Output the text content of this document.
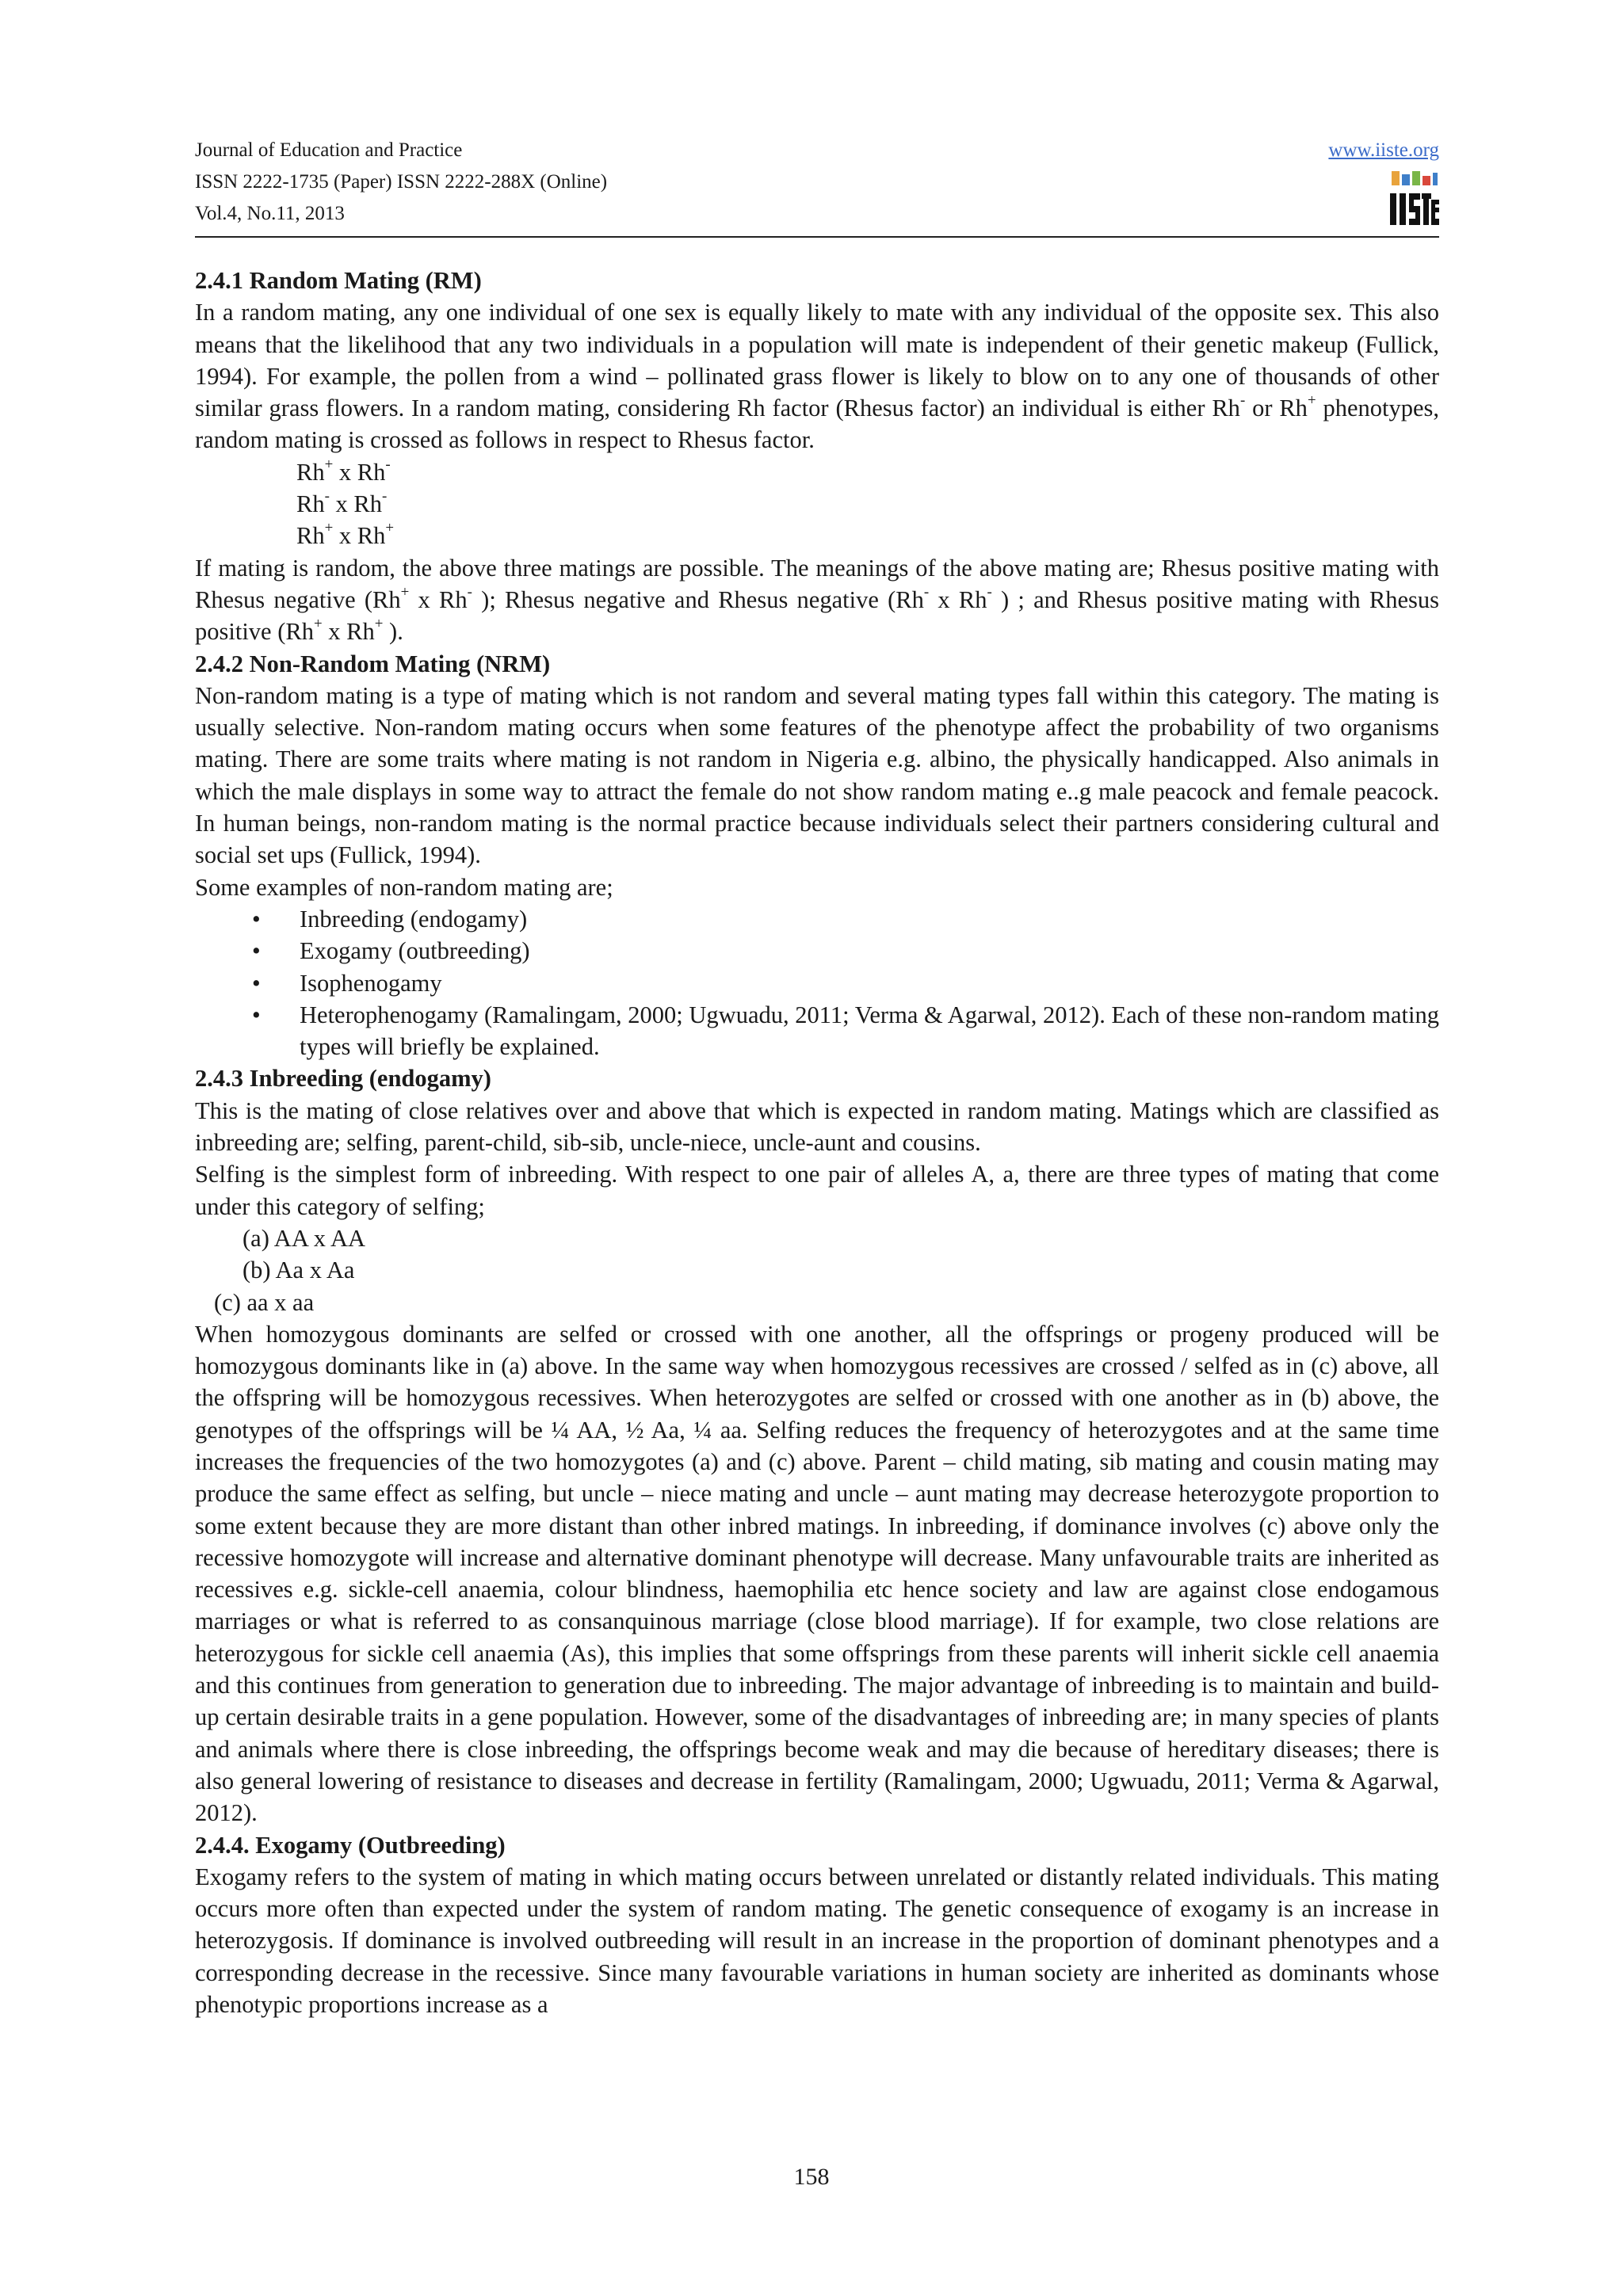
Journal of Education and Practice
ISSN 2222-1735 (Paper) ISSN 2222-288X (Online)
Vol.4, No.11, 2013
www.iiste.org
2.4.1 Random Mating (RM)

In a random mating, any one individual of one sex is equally likely to mate with any individual of the opposite sex. This also means that the likelihood that any two individuals in a population will mate is independent of their genetic makeup (Fullick, 1994). For example, the pollen from a wind – pollinated grass flower is likely to blow on to any one of thousands of other similar grass flowers. In a random mating, considering Rh factor (Rhesus factor) an individual is either Rh- or Rh+ phenotypes, random mating is crossed as follows in respect to Rhesus factor.

Rh+ x Rh-
Rh- x Rh-
Rh+ x Rh+

If mating is random, the above three matings are possible. The meanings of the above mating are; Rhesus positive mating with Rhesus negative (Rh+ x Rh- ); Rhesus negative and Rhesus negative (Rh- x Rh- ) ; and Rhesus positive mating with Rhesus positive (Rh+ x Rh+ ).

2.4.2 Non-Random Mating (NRM)

Non-random mating is a type of mating which is not random and several mating types fall within this category. The mating is usually selective. Non-random mating occurs when some features of the phenotype affect the probability of two organisms mating. There are some traits where mating is not random in Nigeria e.g. albino, the physically handicapped. Also animals in which the male displays in some way to attract the female do not show random mating e..g male peacock and female peacock. In human beings, non-random mating is the normal practice because individuals select their partners considering cultural and social set ups (Fullick, 1994).

Some examples of non-random mating are;

• Inbreeding (endogamy)
• Exogamy (outbreeding)
• Isophenogamy
• Heterophenogamy (Ramalingam, 2000; Ugwuadu, 2011; Verma & Agarwal, 2012). Each of these non-random mating types will briefly be explained.
2.4.3 Inbreeding (endogamy)

This is the mating of close relatives over and above that which is expected in random mating. Matings which are classified as inbreeding are; selfing, parent-child, sib-sib, uncle-niece, uncle-aunt and cousins.

Selfing is the simplest form of inbreeding. With respect to one pair of alleles A, a, there are three types of mating that come under this category of selfing;

(a) AA x AA
(b) Aa x Aa
(c) aa x aa

When homozygous dominants are selfed or crossed with one another, all the offsprings or progeny produced will be homozygous dominants like in (a) above. In the same way when homozygous recessives are crossed / selfed as in (c) above, all the offspring will be homozygous recessives. When heterozygotes are selfed or crossed with one another as in (b) above, the genotypes of the offsprings will be ¼ AA, ½ Aa, ¼ aa. Selfing reduces the frequency of heterozygotes and at the same time increases the frequencies of the two homozygotes (a) and (c) above. Parent – child mating, sib mating and cousin mating may produce the same effect as selfing, but uncle – niece mating and uncle – aunt mating may decrease heterozygote proportion to some extent because they are more distant than other inbred matings. In inbreeding, if dominance involves (c) above only the recessive homozygote will increase and alternative dominant phenotype will decrease. Many unfavourable traits are inherited as recessives e.g. sickle-cell anaemia, colour blindness, haemophilia etc hence society and law are against close endogamous marriages or what is referred to as consanquinous marriage (close blood marriage). If for example, two close relations are heterozygous for sickle cell anaemia (As), this implies that some offsprings from these parents will inherit sickle cell anaemia and this continues from generation to generation due to inbreeding. The major advantage of inbreeding is to maintain and build-up certain desirable traits in a gene population. However, some of the disadvantages of inbreeding are; in many species of plants and animals where there is close inbreeding, the offsprings become weak and may die because of hereditary diseases; there is also general lowering of resistance to diseases and decrease in fertility (Ramalingam, 2000; Ugwuadu, 2011; Verma & Agarwal, 2012).

2.4.4. Exogamy (Outbreeding)

Exogamy refers to the system of mating in which mating occurs between unrelated or distantly related individuals. This mating occurs more often than expected under the system of random mating. The genetic consequence of exogamy is an increase in heterozygosis. If dominance is involved outbreeding will result in an increase in the proportion of dominant phenotypes and a corresponding decrease in the recessive. Since many favourable variations in human society are inherited as dominants whose phenotypic proportions increase as a

158
